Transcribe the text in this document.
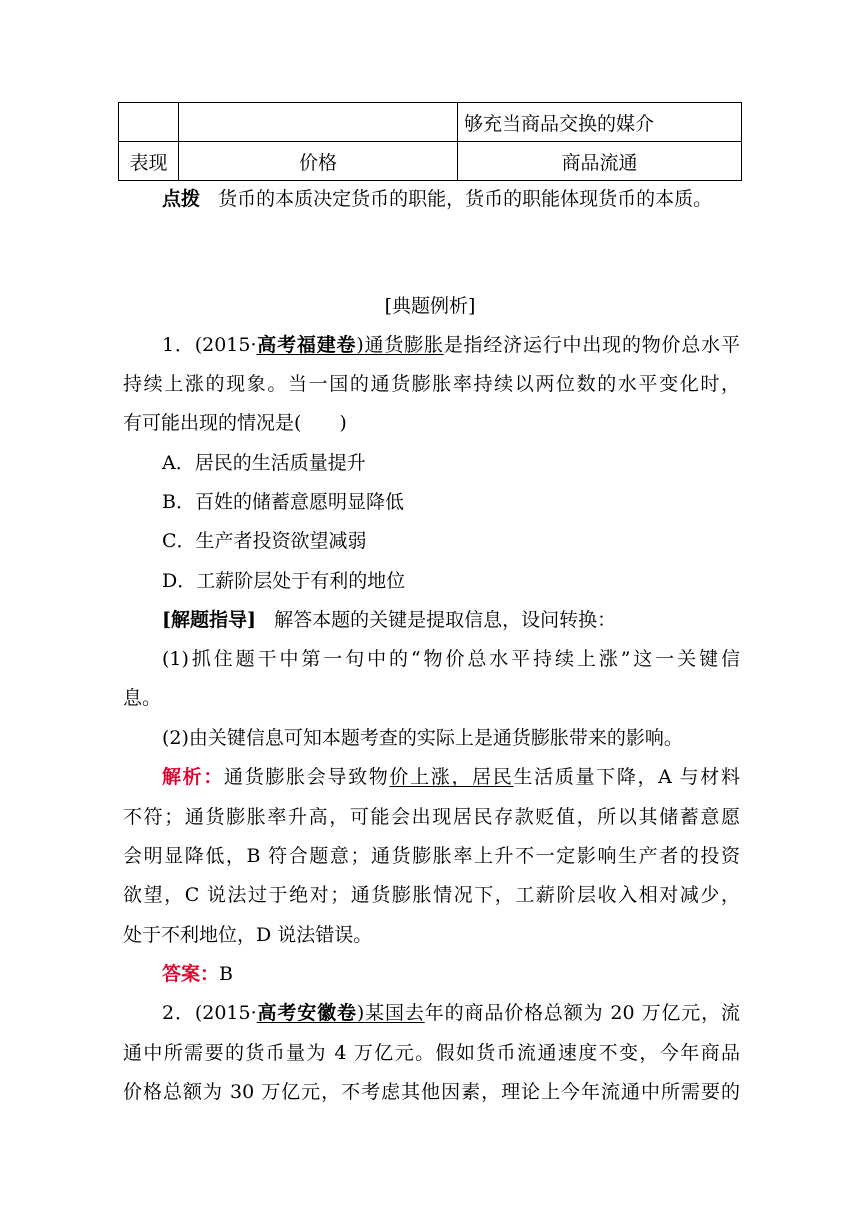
		够充当商品交换的媒介
表现	价格	商品流通
点拨 货币的本质决定货币的职能，货币的职能体现货币的本质。
[典题例析]
1．(2015·高考福建卷)通货膨胀是指经济运行中出现的物价总水平
持续上涨的现象。当一国的通货膨胀率持续以两位数的水平变化时，
有可能出现的情况是(　　)
A．居民的生活质量提升
B．百姓的储蓄意愿明显降低
C．生产者投资欲望减弱
D．工薪阶层处于有利的地位
[解题指导] 解答本题的关键是提取信息，设问转换：
(1)抓住题干中第一句中的“物价总水平持续上涨”这一关键信
息。
(2)由关键信息可知本题考查的实际上是通货膨胀带来的影响。
解析：通货膨胀会导致物价上涨，居民生活质量下降，A 与材料
不符；通货膨胀率升高，可能会出现居民存款贬值，所以其储蓄意愿
会明显降低，B 符合题意；通货膨胀率上升不一定影响生产者的投资
欲望，C 说法过于绝对；通货膨胀情况下，工薪阶层收入相对减少，
处于不利地位，D 说法错误。
答案：B
2．(2015·高考安徽卷)某国去年的商品价格总额为 20 万亿元，流
通中所需要的货币量为 4 万亿元。假如货币流通速度不变，今年商品
价格总额为 30 万亿元，不考虑其他因素，理论上今年流通中所需要的
